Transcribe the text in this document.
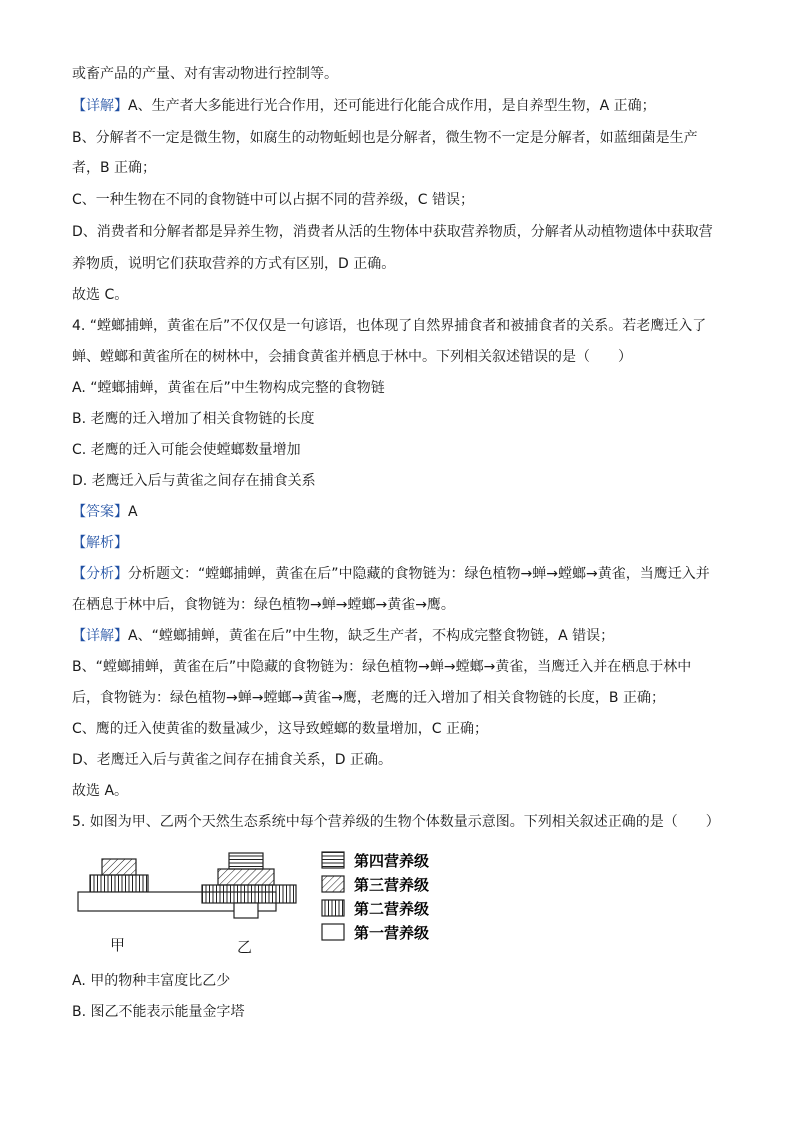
或畜产品的产量、对有害动物进行控制等。
【详解】A、生产者大多能进行光合作用，还可能进行化能合成作用，是自养型生物，A 正确；
B、分解者不一定是微生物，如腐生的动物蚯蚓也是分解者，微生物不一定是分解者，如蓝细菌是生产
者，B 正确；
C、一种生物在不同的食物链中可以占据不同的营养级，C 错误；
D、消费者和分解者都是异养生物，消费者从活的生物体中获取营养物质，分解者从动植物遗体中获取营
养物质，说明它们获取营养的方式有区别，D 正确。
故选 C。
4. “螳螂捕蝉，黄雀在后”不仅仅是一句谚语，也体现了自然界捕食者和被捕食者的关系。若老鹰迁入了
蝉、螳螂和黄雀所在的树林中，会捕食黄雀并栖息于林中。下列相关叙述错误的是（　　）
A. “螳螂捕蝉，黄雀在后”中生物构成完整的食物链
B. 老鹰的迁入增加了相关食物链的长度
C. 老鹰的迁入可能会使螳螂数量增加
D. 老鹰迁入后与黄雀之间存在捕食关系
【答案】A
【解析】
【分析】分析题文：“螳螂捕蝉，黄雀在后”中隐藏的食物链为：绿色植物→蝉→螳螂→黄雀，当鹰迁入并
在栖息于林中后，食物链为：绿色植物→蝉→螳螂→黄雀→鹰。
【详解】A、“螳螂捕蝉，黄雀在后”中生物，缺乏生产者，不构成完整食物链，A 错误；
B、“螳螂捕蝉，黄雀在后”中隐藏的食物链为：绿色植物→蝉→螳螂→黄雀，当鹰迁入并在栖息于林中
后，食物链为：绿色植物→蝉→螳螂→黄雀→鹰，老鹰的迁入增加了相关食物链的长度，B 正确；
C、鹰的迁入使黄雀的数量减少，这导致螳螂的数量增加，C 正确；
D、老鹰迁入后与黄雀之间存在捕食关系，D 正确。
故选 A。
5. 如图为甲、乙两个天然生态系统中每个营养级的生物个体数量示意图。下列相关叙述正确的是（　　）
第四营养级
第三营养级
第二营养级
第一营养级
甲	乙
A. 甲的物种丰富度比乙少
B. 图乙不能表示能量金字塔
